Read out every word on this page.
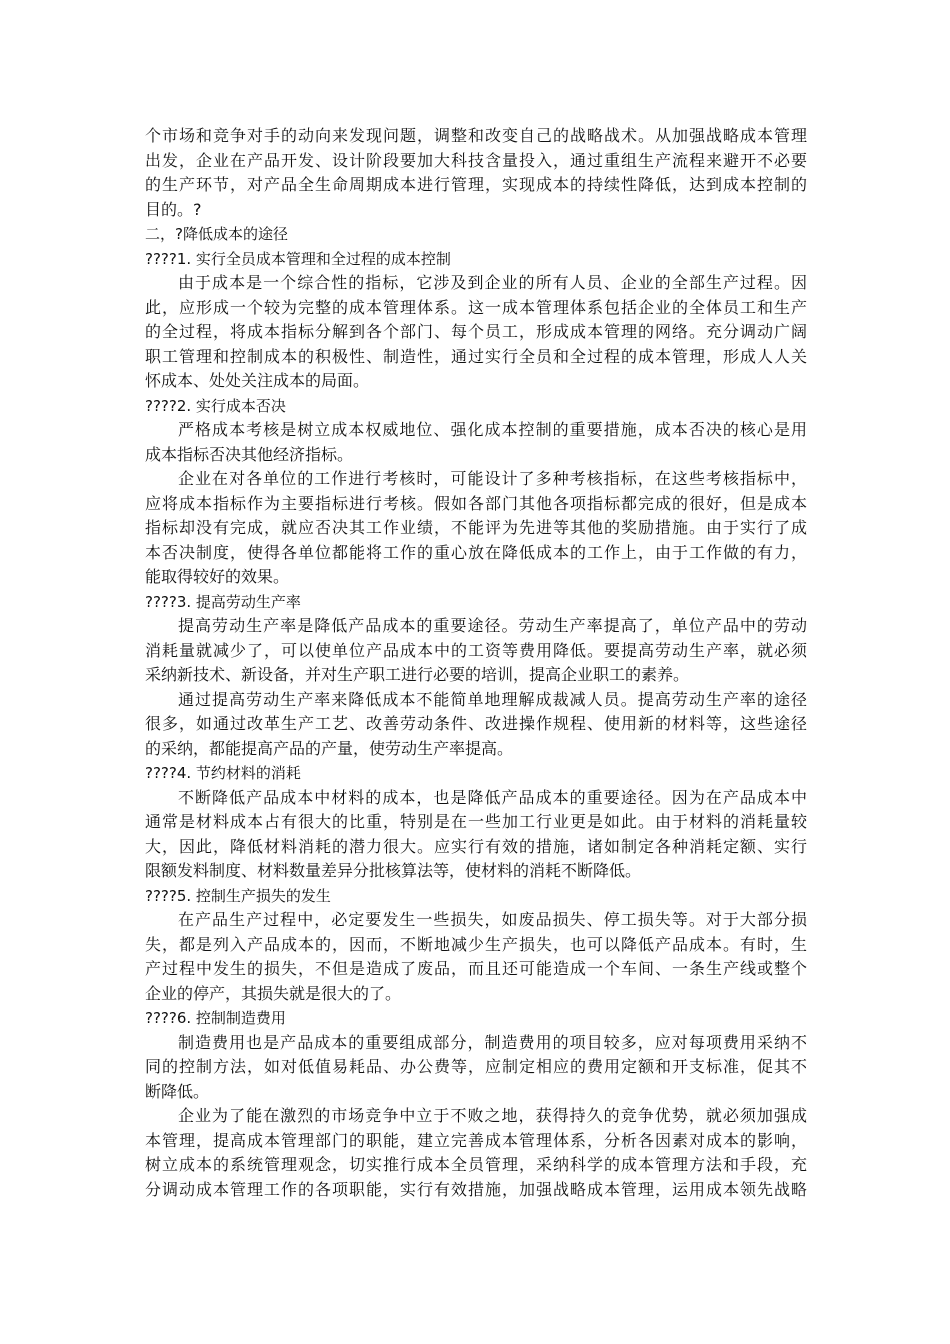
个市场和竞争对手的动向来发现问题，调整和改变自己的战略战术。从加强战略成本管理
出发，企业在产品开发、设计阶段要加大科技含量投入，通过重组生产流程来避开不必要
的生产环节，对产品全生命周期成本进行管理，实现成本的持续性降低，达到成本控制的
目的。?
二，?降低成本的途径
????1. 实行全员成本管理和全过程的成本控制
由于成本是一个综合性的指标，它涉及到企业的所有人员、企业的全部生产过程。因
此，应形成一个较为完整的成本管理体系。这一成本管理体系包括企业的全体员工和生产
的全过程，将成本指标分解到各个部门、每个员工，形成成本管理的网络。充分调动广阔
职工管理和控制成本的积极性、制造性，通过实行全员和全过程的成本管理，形成人人关
怀成本、处处关注成本的局面。
????2. 实行成本否决
严格成本考核是树立成本权威地位、强化成本控制的重要措施，成本否决的核心是用
成本指标否决其他经济指标。
企业在对各单位的工作进行考核时，可能设计了多种考核指标，在这些考核指标中，
应将成本指标作为主要指标进行考核。假如各部门其他各项指标都完成的很好，但是成本
指标却没有完成，就应否决其工作业绩，不能评为先进等其他的奖励措施。由于实行了成
本否决制度，使得各单位都能将工作的重心放在降低成本的工作上，由于工作做的有力，
能取得较好的效果。
????3. 提高劳动生产率
提高劳动生产率是降低产品成本的重要途径。劳动生产率提高了，单位产品中的劳动
消耗量就减少了，可以使单位产品成本中的工资等费用降低。要提高劳动生产率，就必须
采纳新技术、新设备，并对生产职工进行必要的培训，提高企业职工的素养。
通过提高劳动生产率来降低成本不能简单地理解成裁减人员。提高劳动生产率的途径
很多，如通过改革生产工艺、改善劳动条件、改进操作规程、使用新的材料等，这些途径
的采纳，都能提高产品的产量，使劳动生产率提高。
????4. 节约材料的消耗
不断降低产品成本中材料的成本，也是降低产品成本的重要途径。因为在产品成本中
通常是材料成本占有很大的比重，特别是在一些加工行业更是如此。由于材料的消耗量较
大，因此，降低材料消耗的潜力很大。应实行有效的措施，诸如制定各种消耗定额、实行
限额发料制度、材料数量差异分批核算法等，使材料的消耗不断降低。
????5. 控制生产损失的发生
在产品生产过程中，必定要发生一些损失，如废品损失、停工损失等。对于大部分损
失，都是列入产品成本的，因而，不断地减少生产损失，也可以降低产品成本。有时，生
产过程中发生的损失，不但是造成了废品，而且还可能造成一个车间、一条生产线或整个
企业的停产，其损失就是很大的了。
????6. 控制制造费用
制造费用也是产品成本的重要组成部分，制造费用的项目较多，应对每项费用采纳不
同的控制方法，如对低值易耗品、办公费等，应制定相应的费用定额和开支标准，促其不
断降低。
企业为了能在激烈的市场竞争中立于不败之地，获得持久的竞争优势，就必须加强成
本管理，提高成本管理部门的职能，建立完善成本管理体系，分析各因素对成本的影响，
树立成本的系统管理观念，切实推行成本全员管理，采纳科学的成本管理方法和手段，充
分调动成本管理工作的各项职能，实行有效措施，加强战略成本管理，运用成本领先战略
